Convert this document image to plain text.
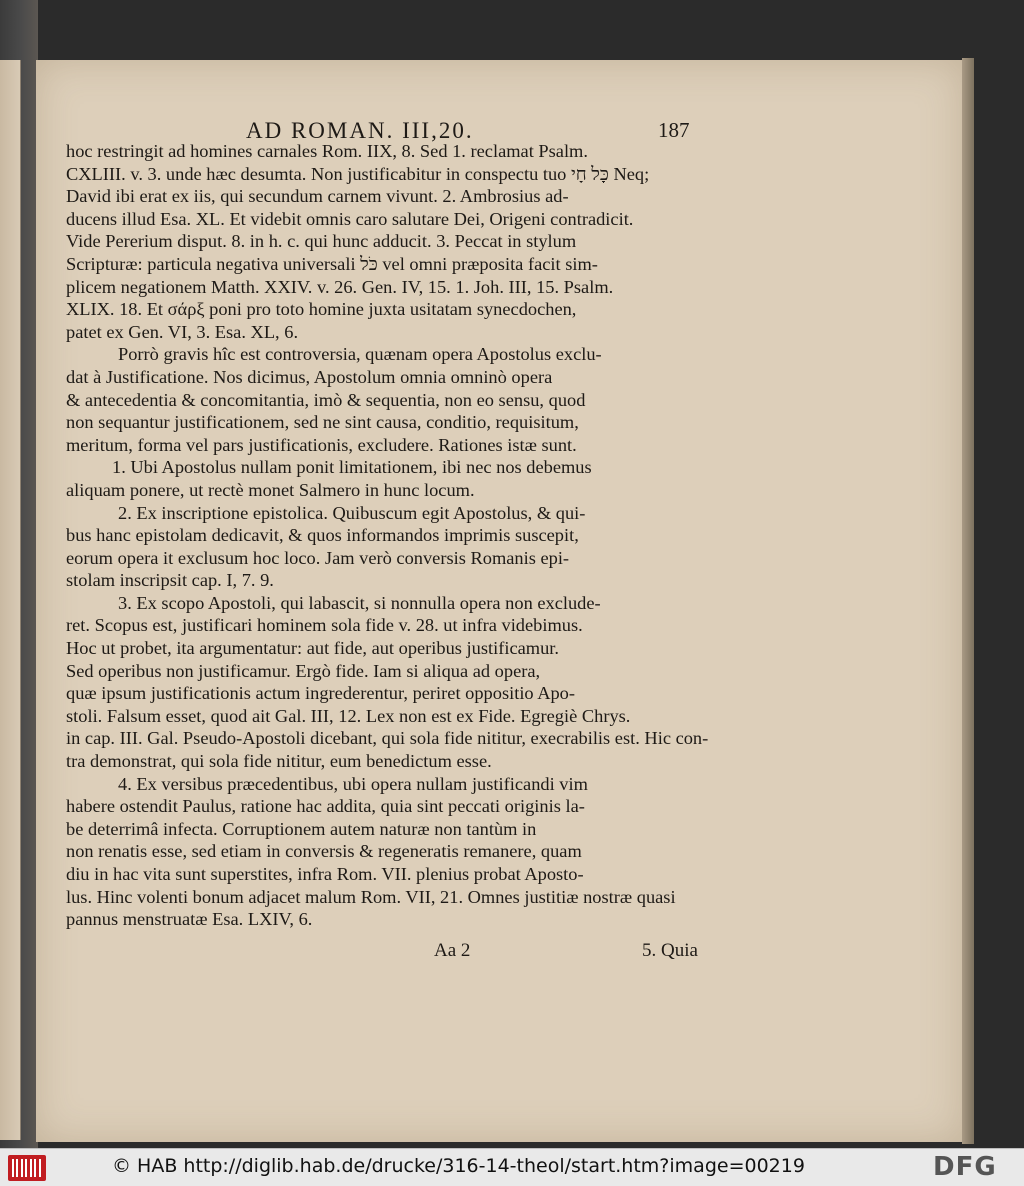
AD ROMAN. III,20.	187
hoc restringit ad homines carnales Rom. IIX, 8. Sed 1. reclamat Psalm.
CXLIII. v. 3. unde hæc desumta. Non justificabitur in conspectu tuo כָּל חָי Neq;
David ibi erat ex iis, qui secundum carnem vivunt. 2. Ambrosius ad-
ducens illud Esa. XL. Et videbit omnis caro salutare Dei, Origeni contradicit.
Vide Pererium disput. 8. in h. c. qui hunc adducit. 3. Peccat in stylum
Scripturæ: particula negativa universali כֹּל vel omni præposita facit sim-
plicem negationem Matth. XXIV. v. 26. Gen. IV, 15. 1. Joh. III, 15. Psalm.
XLIX. 18. Et σάρξ poni pro toto homine juxta usitatam synecdochen,
patet ex Gen. VI, 3. Esa. XL, 6.
Porrò gravis hîc est controversia, quænam opera Apostolus exclu-
dat à Justificatione. Nos dicimus, Apostolum omnia omninò opera
& antecedentia & concomitantia, imò & sequentia, non eo sensu, quod
non sequantur justificationem, sed ne sint causa, conditio, requisitum,
meritum, forma vel pars justificationis, excludere. Rationes istæ sunt.
1. Ubi Apostolus nullam ponit limitationem, ibi nec nos debemus
aliquam ponere, ut rectè monet Salmero in hunc locum.
2. Ex inscriptione epistolica. Quibuscum egit Apostolus, & qui-
bus hanc epistolam dedicavit, & quos informandos imprimis suscepit,
eorum opera it exclusum hoc loco. Jam verò conversis Romanis epi-
stolam inscripsit cap. I, 7. 9.
3. Ex scopo Apostoli, qui labascit, si nonnulla opera non exclude-
ret. Scopus est, justificari hominem sola fide v. 28. ut infra videbimus.
Hoc ut probet, ita argumentatur: aut fide, aut operibus justificamur.
Sed operibus non justificamur. Ergò fide. Iam si aliqua ad opera,
quæ ipsum justificationis actum ingrederentur, periret oppositio Apo-
stoli. Falsum esset, quod ait Gal. III, 12. Lex non est ex Fide. Egregiè Chrys.
in cap. III. Gal. Pseudo-Apostoli dicebant, qui sola fide nititur, execrabilis est. Hic con-
tra demonstrat, qui sola fide nititur, eum benedictum esse.
4. Ex versibus præcedentibus, ubi opera nullam justificandi vim
habere ostendit Paulus, ratione hac addita, quia sint peccati originis la-
be deterrimâ infecta. Corruptionem autem naturæ non tantùm in
non renatis esse, sed etiam in conversis & regeneratis remanere, quam
diu in hac vita sunt superstites, infra Rom. VII. plenius probat Aposto-
lus. Hinc volenti bonum adjacet malum Rom. VII, 21. Omnes justitiæ nostræ quasi
pannus menstruatæ Esa. LXIV, 6.
Aa 2	5. Quia
© HAB http://diglib.hab.de/drucke/316-14-theol/start.htm?image=00219	DFG
